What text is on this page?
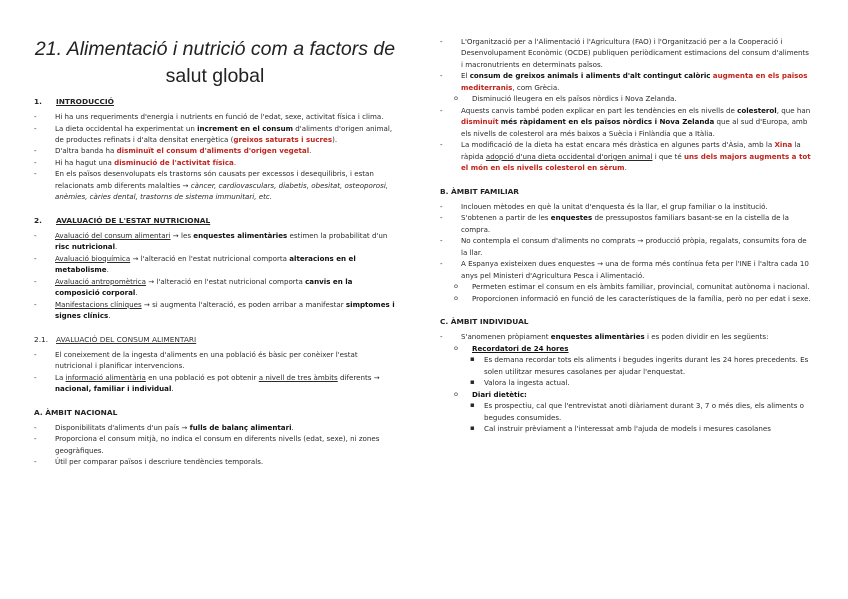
21. Alimentació i nutrició com a factors de
salut global
1.	INTRODUCCIÓ
- Hi ha uns requeriments d'energia i nutrients en funció de l'edat, sexe, activitat física i clima.
- La dieta occidental ha experimentat un increment en el consum d'aliments d'origen animal, de productes refinats i d'alta densitat energètica (greixos saturats i sucres).
- D'altra banda ha disminuït el consum d'aliments d'origen vegetal.
- Hi ha hagut una disminució de l'activitat física.
- En els països desenvolupats els trastorns són causats per excessos i desequilibris, i estan relacionats amb diferents malalties → càncer, cardiovasculars, diabetis, obesitat, osteoporosi, anèmies, càries dental, trastorns de sistema immunitari, etc.
2.	AVALUACIÓ DE L'ESTAT NUTRICIONAL
- Avaluació del consum alimentari → les enquestes alimentàries estimen la probabilitat d'un risc nutricional.
- Avaluació bioquímica → l'alteració en l'estat nutricional comporta alteracions en el metabolisme.
- Avaluació antropomètrica → l'alteració en l'estat nutricional comporta canvis en la composició corporal.
- Manifestacions clíniques → si augmenta l'alteració, es poden arribar a manifestar simptomes i signes clínics.
2.1.	AVALUACIÓ DEL CONSUM ALIMENTARI
- El coneixement de la ingesta d'aliments en una població és bàsic per conèixer l'estat nutricional i planificar intervencions.
- La informació alimentària en una població es pot obtenir a nivell de tres àmbits diferents → nacional, familiar i individual.
A. ÀMBIT NACIONAL
- Disponibilitats d'aliments d'un país → fulls de balanç alimentari.
- Proporciona el consum mitjà, no indica el consum en diferents nivells (edat, sexe), ni zones geogràfiques.
- Útil per comparar països i descriure tendències temporals.
- L'Organització per a l'Alimentació i l'Agricultura (FAO) i l'Organització per a la Cooperació i Desenvolupament Econòmic (OCDE) publiquen periòdicament estimacions del consum d'aliments i macronutrients en determinats països.
- El consum de greixos animals i aliments d'alt contingut calòric augmenta en els països mediterranis, com Grècia.
o Disminució lleugera en els països nòrdics i Nova Zelanda.
- Aquests canvis també poden explicar en part les tendències en els nivells de colesterol, que han disminuït més ràpidament en els països nòrdics i Nova Zelanda que al sud d'Europa, amb els nivells de colesterol ara més baixos a Suècia i Finlàndia que a Itàlia.
- La modificació de la dieta ha estat encara més dràstica en algunes parts d'Àsia, amb la Xina la ràpida adopció d'una dieta occidental d'origen animal i que té uns dels majors augments a tot el món en els nivells colesterol en sèrum.
B. ÀMBIT FAMILIAR
- Inclouen mètodes en què la unitat d'enquesta és la llar, el grup familiar o la institució.
- S'obtenen a partir de les enquestes de pressupostos familiars basant-se en la cistella de la compra.
- No contempla el consum d'aliments no comprats → producció pròpia, regalats, consumits fora de la llar.
- A Espanya existeixen dues enquestes → una de forma més contínua feta per l'INE i l'altra cada 10 anys pel Ministeri d'Agricultura Pesca i Alimentació.
o Permeten estimar el consum en els àmbits familiar, provincial, comunitat autònoma i nacional.
o Proporcionen informació en funció de les característiques de la família, però no per edat i sexe.
C. ÀMBIT INDIVIDUAL
- S'anomenen pròpiament enquestes alimentàries i es poden dividir en les següents:
o Recordatori de 24 hores
▪ Es demana recordar tots els aliments i begudes ingerits durant les 24 hores precedents. Es solen utilitzar mesures casolanes per ajudar l'enquestat.
▪ Valora la ingesta actual.
o Diari dietètic:
▪ Es prospectiu, cal que l'entrevistat anoti diàriament durant 3, 7 o més dies, els aliments o begudes consumides.
▪ Cal instruir prèviament a l'interessat amb l'ajuda de models i mesures casolanes
